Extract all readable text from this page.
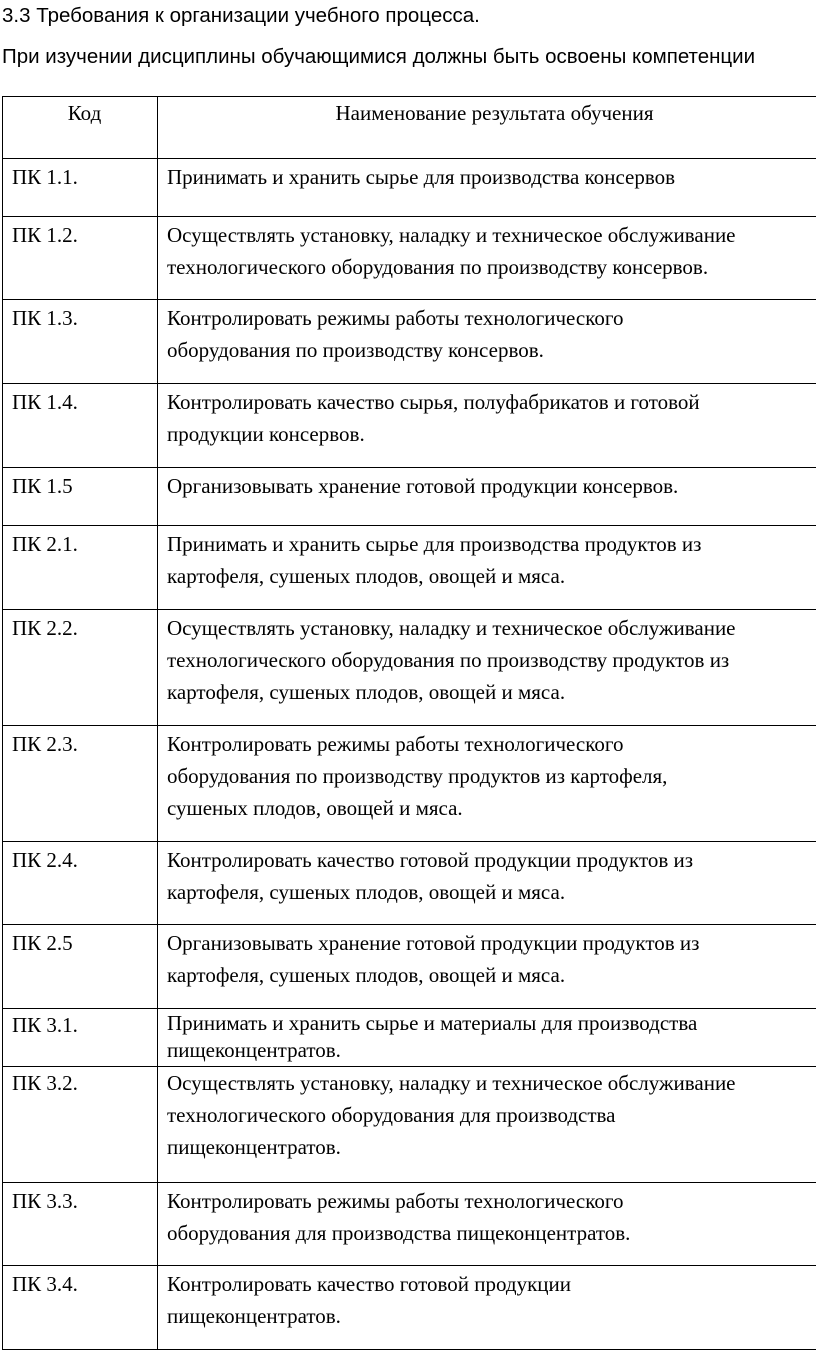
3.3 Требования к организации учебного процесса.
При изучении дисциплины обучающимися должны быть освоены компетенции
Код	Наименование результата обучения

ПК 1.1.	Принимать и хранить сырье для производства консервов

ПК 1.2.	Осуществлять установку, наладку и техническое обслуживание
технологического оборудования по производству консервов.

ПК 1.3.	Контролировать режимы работы технологического
оборудования по производству консервов.

ПК 1.4.	Контролировать качество сырья, полуфабрикатов и готовой
продукции консервов.

ПК 1.5	Организовывать хранение готовой продукции консервов.

ПК 2.1.	Принимать и хранить сырье для производства продуктов из
картофеля, сушеных плодов, овощей и мяса.

ПК 2.2.	Осуществлять установку, наладку и техническое обслуживание
технологического оборудования по производству продуктов из
картофеля, сушеных плодов, овощей и мяса.

ПК 2.3.	Контролировать режимы работы технологического
оборудования по производству продуктов из картофеля,
сушеных плодов, овощей и мяса.

ПК 2.4.	Контролировать качество готовой продукции продуктов из
картофеля, сушеных плодов, овощей и мяса.

ПК 2.5	Организовывать хранение готовой продукции продуктов из
картофеля, сушеных плодов, овощей и мяса.

ПК 3.1.	Принимать и хранить сырье и материалы для производства
пищеконцентратов.

ПК 3.2.	Осуществлять установку, наладку и техническое обслуживание
технологического оборудования для производства
пищеконцентратов.

ПК 3.3.	Контролировать режимы работы технологического
оборудования для производства пищеконцентратов.

ПК 3.4.	Контролировать качество готовой продукции
пищеконцентратов.
